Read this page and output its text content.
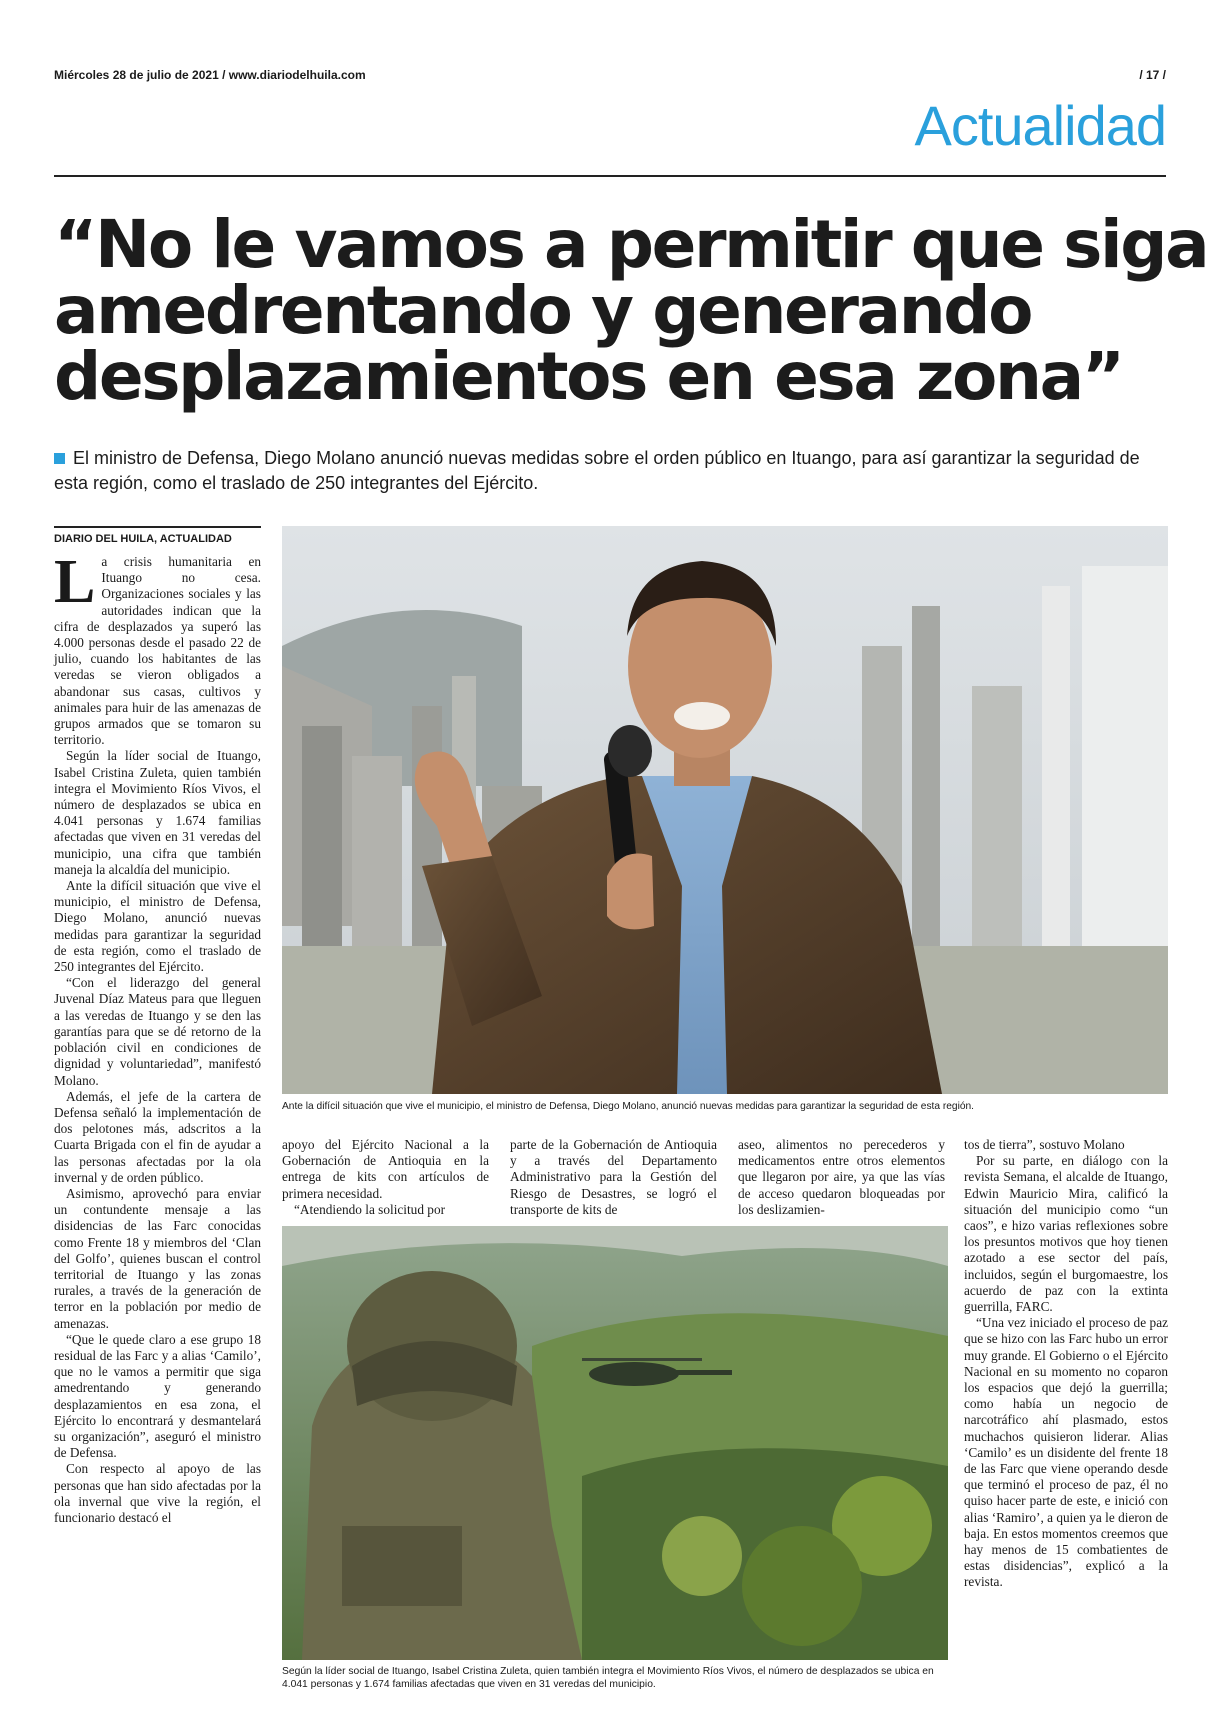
Miércoles 28 de julio de 2021 / www.diariodelhuila.com	/ 17 /
Actualidad
“No le vamos a permitir que siga
amedrentando y generando
desplazamientos en esa zona”
El ministro de Defensa, Diego Molano anunció nuevas medidas sobre el orden público en Ituango, para así garantizar la seguridad de esta región, como el traslado de 250 integrantes del Ejército.
DIARIO DEL HUILA, ACTUALIDAD

La crisis humanitaria en Ituango no cesa. Organizaciones sociales y las autoridades indican que la cifra de desplazados ya superó las 4.000 personas desde el pasado 22 de julio, cuando los habitantes de las veredas se vieron obligados a abandonar sus casas, cultivos y animales para huir de las amenazas de grupos armados que se tomaron su territorio.

Según la líder social de Ituango, Isabel Cristina Zuleta, quien también integra el Movimiento Ríos Vivos, el número de desplazados se ubica en 4.041 personas y 1.674 familias afectadas que viven en 31 veredas del municipio, una cifra que también maneja la alcaldía del municipio.

Ante la difícil situación que vive el municipio, el ministro de Defensa, Diego Molano, anunció nuevas medidas para garantizar la seguridad de esta región, como el traslado de 250 integrantes del Ejército.

“Con el liderazgo del general Juvenal Díaz Mateus para que lleguen a las veredas de Ituango y se den las garantías para que se dé retorno de la población civil en condiciones de dignidad y voluntariedad”, manifestó Molano.

Además, el jefe de la cartera de Defensa señaló la implementación de dos pelotones más, adscritos a la Cuarta Brigada con el fin de ayudar a las personas afectadas por la ola invernal y de orden público.

Asimismo, aprovechó para enviar un contundente mensaje a las disidencias de las Farc conocidas como Frente 18 y miembros del ‘Clan del Golfo’, quienes buscan el control territorial de Ituango y las zonas rurales, a través de la generación de terror en la población por medio de amenazas.

“Que le quede claro a ese grupo 18 residual de las Farc y a alias ‘Camilo’, que no le vamos a permitir que siga amedrentando y generando desplazamientos en esa zona, el Ejército lo encontrará y desmantelará su organización”, aseguró el ministro de Defensa.

Con respecto al apoyo de las personas que han sido afectadas por la ola invernal que vive la región, el funcionario destacó el

Ante la difícil situación que vive el municipio, el ministro de Defensa, Diego Molano, anunció nuevas medidas para garantizar la seguridad de esta región.

apoyo del Ejército Nacional a la Gobernación de Antioquia en la entrega de kits con artículos de primera necesidad.

“Atendiendo la solicitud por

parte de la Gobernación de Antioquia y a través del Departamento Administrativo para la Gestión del Riesgo de Desastres, se logró el transporte de kits de

aseo, alimentos no perecederos y medicamentos entre otros elementos que llegaron por aire, ya que las vías de acceso quedaron bloqueadas por los deslizamien-

tos de tierra”, sostuvo Molano

Por su parte, en diálogo con la revista Semana, el alcalde de Ituango, Edwin Mauricio Mira, calificó la situación del municipio como “un caos”, e hizo varias reflexiones sobre los presuntos motivos que hoy tienen azotado a ese sector del país, incluidos, según el burgomaestre, los acuerdo de paz con la extinta guerrilla, FARC.

“Una vez iniciado el proceso de paz que se hizo con las Farc hubo un error muy grande. El Gobierno o el Ejército Nacional en su momento no coparon los espacios que dejó la guerrilla; como había un negocio de narcotráfico ahí plasmado, estos muchachos quisieron liderar. Alias ‘Camilo’ es un disidente del frente 18 de las Farc que viene operando desde que terminó el proceso de paz, él no quiso hacer parte de este, e inició con alias ‘Ramiro’, a quien ya le dieron de baja. En estos momentos creemos que hay menos de 15 combatientes de estas disidencias”, explicó a la revista.

Según la líder social de Ituango, Isabel Cristina Zuleta, quien también integra el Movimiento Ríos Vivos, el número de desplazados se ubica en 4.041 personas y 1.674 familias afectadas que viven en 31 veredas del municipio.
